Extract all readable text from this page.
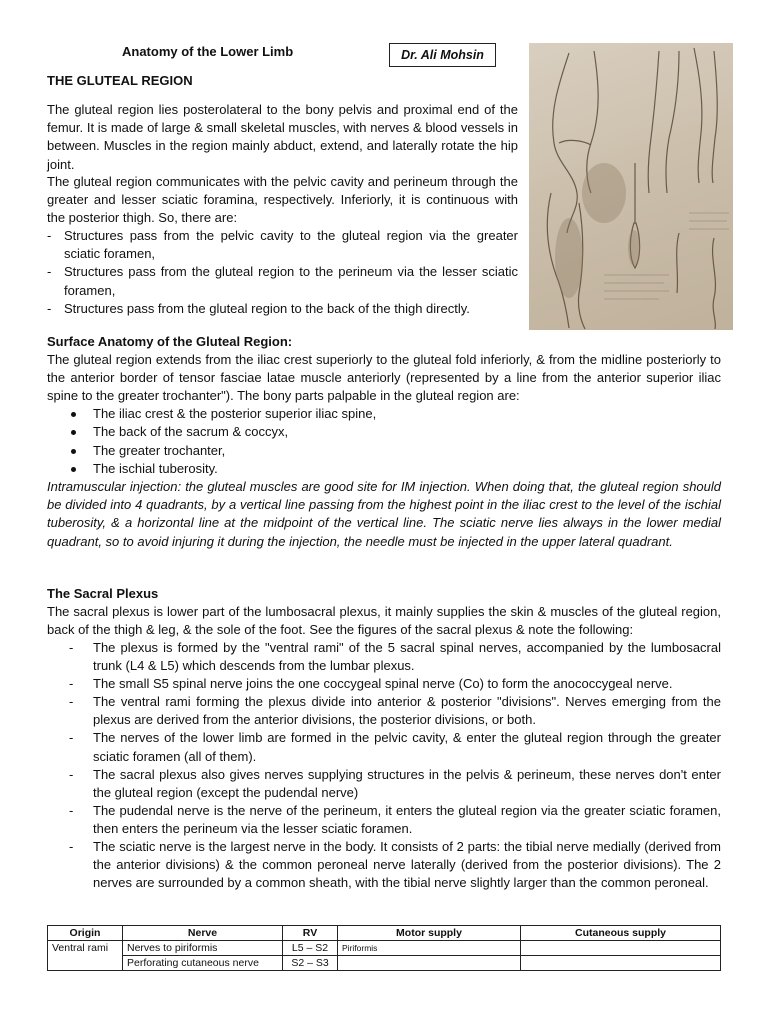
Anatomy of the Lower Limb	Dr. Ali Mohsin
THE GLUTEAL REGION

The gluteal region lies posterolateral to the bony pelvis and proximal end of the femur. It is made of large & small skeletal muscles, with nerves & blood vessels in between. Muscles in the region mainly abduct, extend, and laterally rotate the hip joint.

The gluteal region communicates with the pelvic cavity and perineum through the greater and lesser sciatic foramina, respectively. Inferiorly, it is continuous with the posterior thigh. So, there are:

- Structures pass from the pelvic cavity to the gluteal region via the greater sciatic foramen,
- Structures pass from the gluteal region to the perineum via the lesser sciatic foramen,
- Structures pass from the gluteal region to the back of the thigh directly.
Surface Anatomy of the Gluteal Region:

The gluteal region extends from the iliac crest superiorly to the gluteal fold inferiorly, & from the midline posteriorly to the anterior border of tensor fasciae latae muscle anteriorly (represented by a line from the anterior superior iliac spine to the greater trochanter"). The bony parts palpable in the gluteal region are:

The iliac crest & the posterior superior iliac spine,
The back of the sacrum & coccyx,
The greater trochanter,
The ischial tuberosity.

Intramuscular injection: the gluteal muscles are good site for IM injection. When doing that, the gluteal region should be divided into 4 quadrants, by a vertical line passing from the highest point in the iliac crest to the level of the ischial tuberosity, & a horizontal line at the midpoint of the vertical line. The sciatic nerve lies always in the lower medial quadrant, so to avoid injuring it during the injection, the needle must be injected in the upper lateral quadrant.

The Sacral Plexus

The sacral plexus is lower part of the lumbosacral plexus, it mainly supplies the skin & muscles of the gluteal region, back of the thigh & leg, & the sole of the foot. See the figures of the sacral plexus & note the following:

- The plexus is formed by the "ventral rami" of the 5 sacral spinal nerves, accompanied by the lumbosacral trunk (L4 & L5) which descends from the lumbar plexus.
- The small S5 spinal nerve joins the one coccygeal spinal nerve (Co) to form the anococcygeal nerve.
- The ventral rami forming the plexus divide into anterior & posterior "divisions". Nerves emerging from the plexus are derived from the anterior divisions, the posterior divisions, or both.
- The nerves of the lower limb are formed in the pelvic cavity, & enter the gluteal region through the greater sciatic foramen (all of them).
- The sacral plexus also gives nerves supplying structures in the pelvis & perineum, these nerves don't enter the gluteal region (except the pudendal nerve)
- The pudendal nerve is the nerve of the perineum, it enters the gluteal region via the greater sciatic foramen, then enters the perineum via the lesser sciatic foramen.
- The sciatic nerve is the largest nerve in the body. It consists of 2 parts: the tibial nerve medially (derived from the anterior divisions) & the common peroneal nerve laterally (derived from the posterior divisions). The 2 nerves are surrounded by a common sheath, with the tibial nerve slightly larger than the common peroneal.
Origin	Nerve	RV	Motor supply	Cutaneous supply
Ventral rami	Nerves to piriformis	L5 – S2	Piriformis	
	Perforating cutaneous nerve	S2 – S3		
